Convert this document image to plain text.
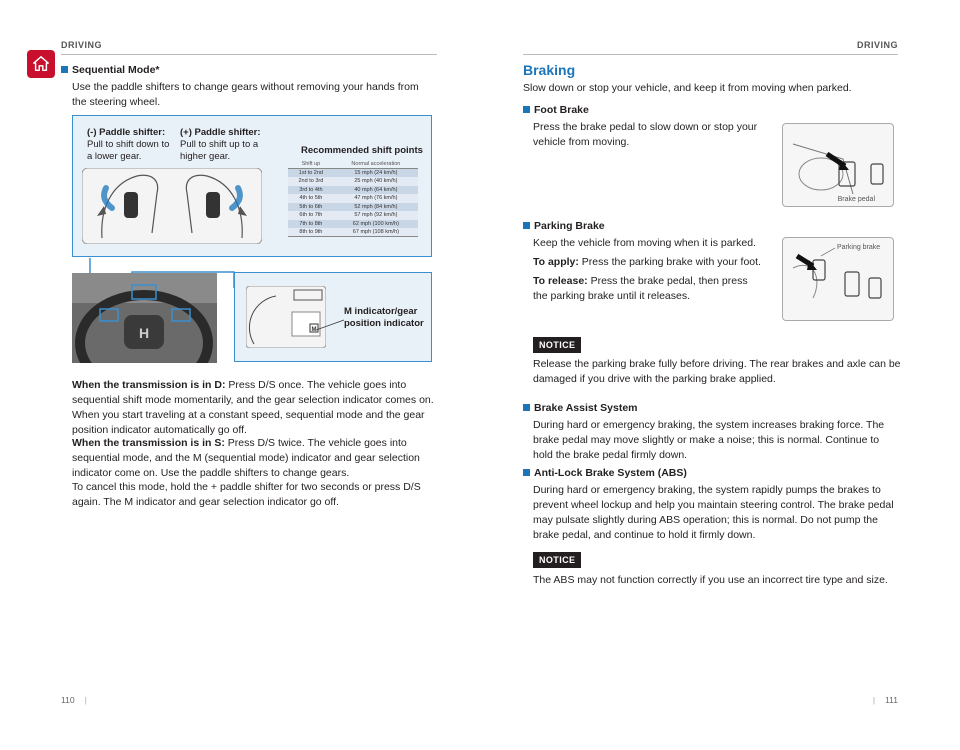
DRIVING	DRIVING
Sequential Mode*
Use the paddle shifters to change gears without removing your hands from the steering wheel.
(-) Paddle shifter:
Pull to shift down to a lower gear.
(+) Paddle shifter:
Pull to shift up to a higher gear.
Recommended shift points
Shift up	Normal acceleration
1st to 2nd	15 mph (24 km/h)
2nd to 3rd	25 mph (40 km/h)
3rd to 4th	40 mph (64 km/h)
4th to 5th	47 mph (76 km/h)
5th to 6th	52 mph (84 km/h)
6th to 7th	57 mph (92 km/h)
7th to 8th	62 mph (100 km/h)
8th to 9th	67 mph (108 km/h)
H	M
M indicator/gear position indicator
When the transmission is in D: Press D/S once. The vehicle goes into sequential shift mode momentarily, and the gear selection indicator comes on. When you start traveling at a constant speed, sequential mode and the gear position indicator automatically go off.
When the transmission is in S: Press D/S twice. The vehicle goes into sequential mode, and the M (sequential mode) indicator and gear selection indicator come on. Use the paddle shifters to change gears.
To cancel this mode, hold the + paddle shifter for two seconds or press D/S again. The M indicator and gear selection indicator go off.
110 |
Braking
Slow down or stop your vehicle, and keep it from moving when parked.
Foot Brake
Press the brake pedal to slow down or stop your vehicle from moving.
Brake pedal
Parking Brake
Keep the vehicle from moving when it is parked.
To apply: Press the parking brake with your foot.
To release: Press the brake pedal, then press the parking brake until it releases.
Parking brake
NOTICE
Release the parking brake fully before driving. The rear brakes and axle can be damaged if you drive with the parking brake applied.
Brake Assist System
During hard or emergency braking, the system increases braking force. The brake pedal may move slightly or make a noise; this is normal. Continue to hold the brake pedal firmly down.
Anti-Lock Brake System (ABS)
During hard or emergency braking, the system rapidly pumps the brakes to prevent wheel lockup and help you maintain steering control. The brake pedal may pulsate slightly during ABS operation; this is normal. Do not pump the brake pedal, and continue to hold it firmly down.
NOTICE
The ABS may not function correctly if you use an incorrect tire type and size.
| 111
